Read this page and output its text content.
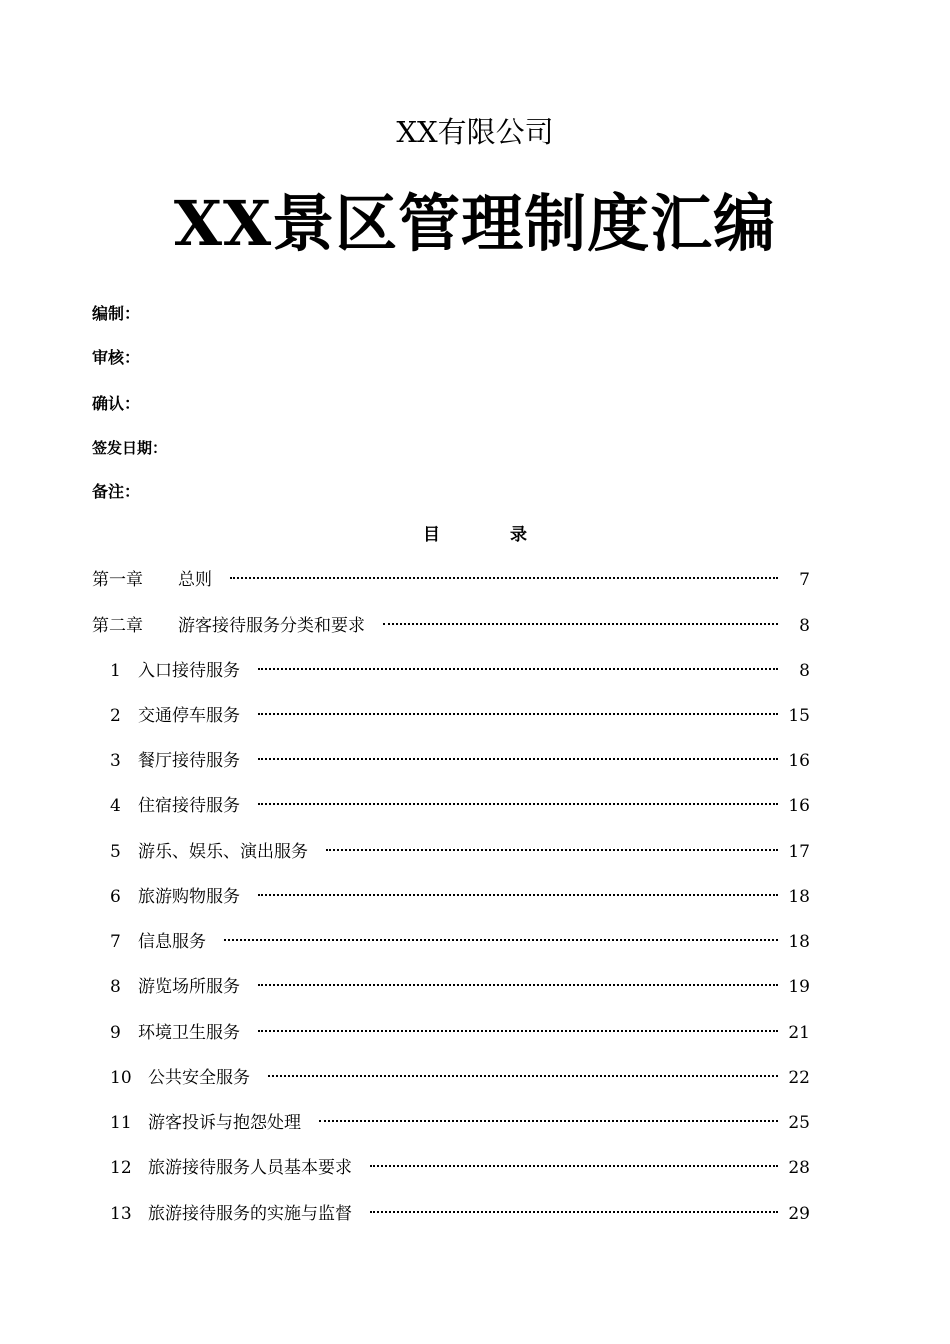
XX有限公司
XX景区管理制度汇编
编制：
审核：
确认：
签发日期：
备注：
目	录
第一章	总则	7
第二章	游客接待服务分类和要求	8
1	入口接待服务	8
2	交通停车服务	15
3	餐厅接待服务	16
4	住宿接待服务	16
5	游乐、娱乐、演出服务	17
6	旅游购物服务	18
7	信息服务	18
8	游览场所服务	19
9	环境卫生服务	21
10 公共安全服务	22
11 游客投诉与抱怨处理	25
12 旅游接待服务人员基本要求	28
13 旅游接待服务的实施与监督	29
